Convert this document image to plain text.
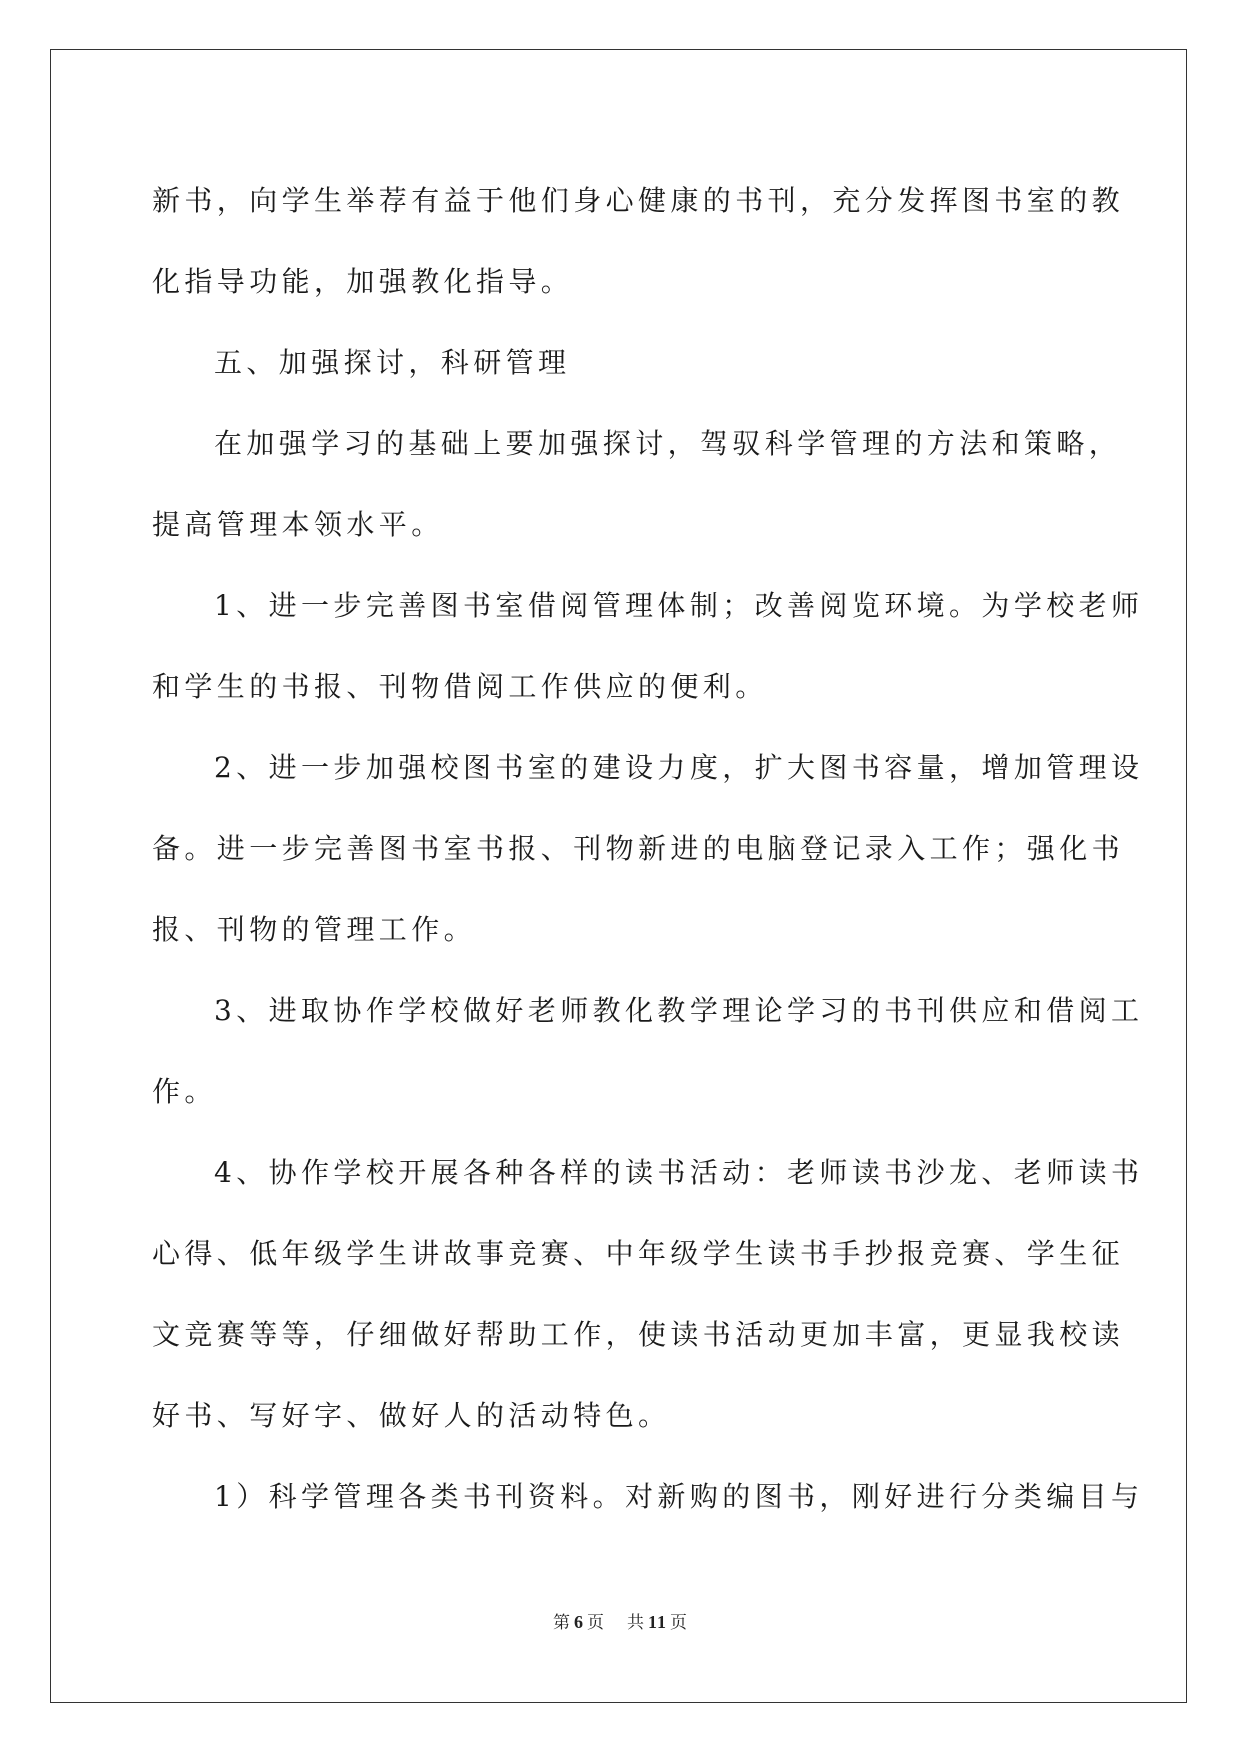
新书，向学生举荐有益于他们身心健康的书刊，充分发挥图书室的教
化指导功能，加强教化指导。
五、加强探讨，科研管理
在加强学习的基础上要加强探讨，驾驭科学管理的方法和策略，
提高管理本领水平。
1、进一步完善图书室借阅管理体制；改善阅览环境。为学校老师
和学生的书报、刊物借阅工作供应的便利。
2、进一步加强校图书室的建设力度，扩大图书容量，增加管理设
备。进一步完善图书室书报、刊物新进的电脑登记录入工作；强化书
报、刊物的管理工作。
3、进取协作学校做好老师教化教学理论学习的书刊供应和借阅工
作。
4、协作学校开展各种各样的读书活动：老师读书沙龙、老师读书
心得、低年级学生讲故事竞赛、中年级学生读书手抄报竞赛、学生征
文竞赛等等，仔细做好帮助工作，使读书活动更加丰富，更显我校读
好书、写好字、做好人的活动特色。
1）科学管理各类书刊资料。对新购的图书，刚好进行分类编目与
第 6 页 共 11 页
